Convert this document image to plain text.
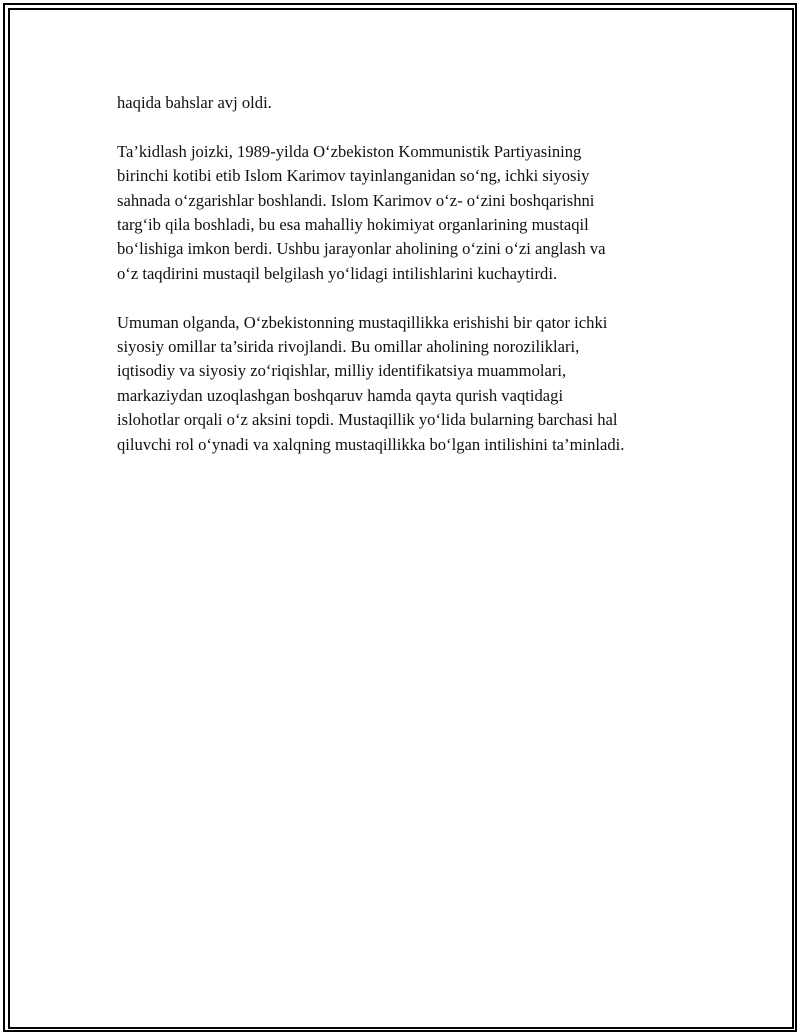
haqida bahslar avj oldi.

Ta’kidlash joizki, 1989-yilda O‘zbekiston Kommunistik Partiyasining
birinchi kotibi etib Islom Karimov tayinlanganidan so‘ng, ichki siyosiy
sahnada o‘zgarishlar boshlandi. Islom Karimov o‘z- o‘zini boshqarishni
targ‘ib qila boshladi, bu esa mahalliy hokimiyat organlarining mustaqil
bo‘lishiga imkon berdi. Ushbu jarayonlar aholining o‘zini o‘zi anglash va
o‘z taqdirini mustaqil belgilash yo‘lidagi intilishlarini kuchaytirdi.

Umuman olganda, O‘zbekistonning mustaqillikka erishishi bir qator ichki
siyosiy omillar ta’sirida rivojlandi. Bu omillar aholining noroziliklari,
iqtisodiy va siyosiy zo‘riqishlar, milliy identifikatsiya muammolari,
markaziydan uzoqlashgan boshqaruv hamda qayta qurish vaqtidagi
islohotlar orqali o‘z aksini topdi. Mustaqillik yo‘lida bularning barchasi hal
qiluvchi rol o‘ynadi va xalqning mustaqillikka bo‘lgan intilishini ta’minladi.
